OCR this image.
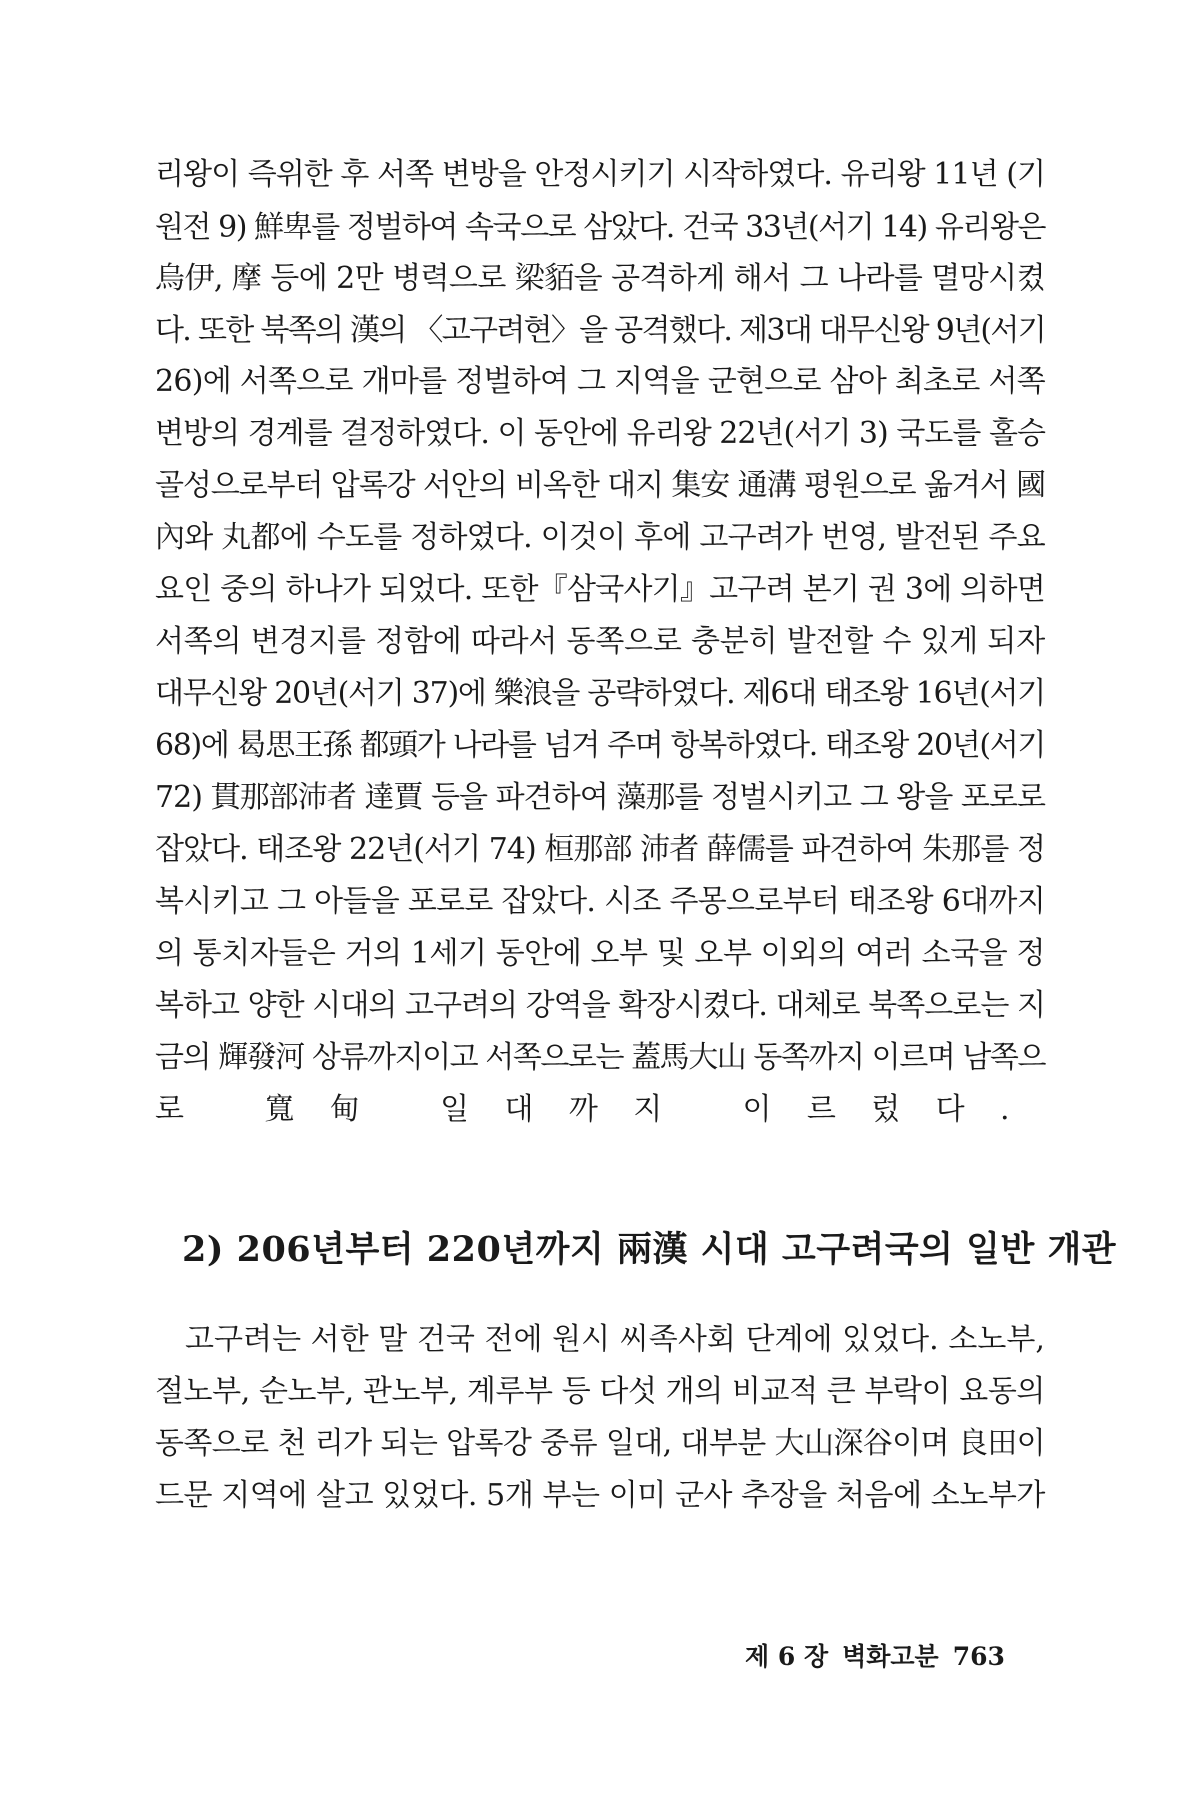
리왕이 즉위한 후 서쪽 변방을 안정시키기 시작하였다. 유리왕 11년 (기
원전 9) 鮮卑를 정벌하여 속국으로 삼았다. 건국 33년(서기 14) 유리왕은
烏伊, 摩 등에 2만 병력으로 梁貊을 공격하게 해서 그 나라를 멸망시켰
다. 또한 북쪽의 漢의 〈고구려현〉을 공격했다. 제3대 대무신왕 9년(서기
26)에 서쪽으로 개마를 정벌하여 그 지역을 군현으로 삼아 최초로 서쪽
변방의 경계를 결정하였다. 이 동안에 유리왕 22년(서기 3) 국도를 홀승
골성으로부터 압록강 서안의 비옥한 대지 集安 通溝 평원으로 옮겨서 國
內와 丸都에 수도를 정하였다. 이것이 후에 고구려가 번영, 발전된 주요
요인 중의 하나가 되었다. 또한『삼국사기』고구려 본기 권 3에 의하면
서쪽의 변경지를 정함에 따라서 동쪽으로 충분히 발전할 수 있게 되자
대무신왕 20년(서기 37)에 樂浪을 공략하였다. 제6대 태조왕 16년(서기
68)에 曷思王孫 都頭가 나라를 넘겨 주며 항복하였다. 태조왕 20년(서기
72) 貫那部沛者 達賈 등을 파견하여 藻那를 정벌시키고 그 왕을 포로로
잡았다. 태조왕 22년(서기 74) 桓那部 沛者 薛儒를 파견하여 朱那를 정
복시키고 그 아들을 포로로 잡았다. 시조 주몽으로부터 태조왕 6대까지
의 통치자들은 거의 1세기 동안에 오부 및 오부 이외의 여러 소국을 정
복하고 양한 시대의 고구려의 강역을 확장시켰다. 대체로 북쪽으로는 지
금의 輝發河 상류까지이고 서쪽으로는 蓋馬大山 동쪽까지 이르며 남쪽으
로 寬甸 일대까지 이르렀다.
2) 206년부터 220년까지 兩漢 시대 고구려국의 일반 개관
고구려는 서한 말 건국 전에 원시 씨족사회 단계에 있었다. 소노부,
절노부, 순노부, 관노부, 계루부 등 다섯 개의 비교적 큰 부락이 요동의
동쪽으로 천 리가 되는 압록강 중류 일대, 대부분 大山深谷이며 良田이
드문 지역에 살고 있었다. 5개 부는 이미 군사 추장을 처음에 소노부가
제 6 장 벽화고분 763
